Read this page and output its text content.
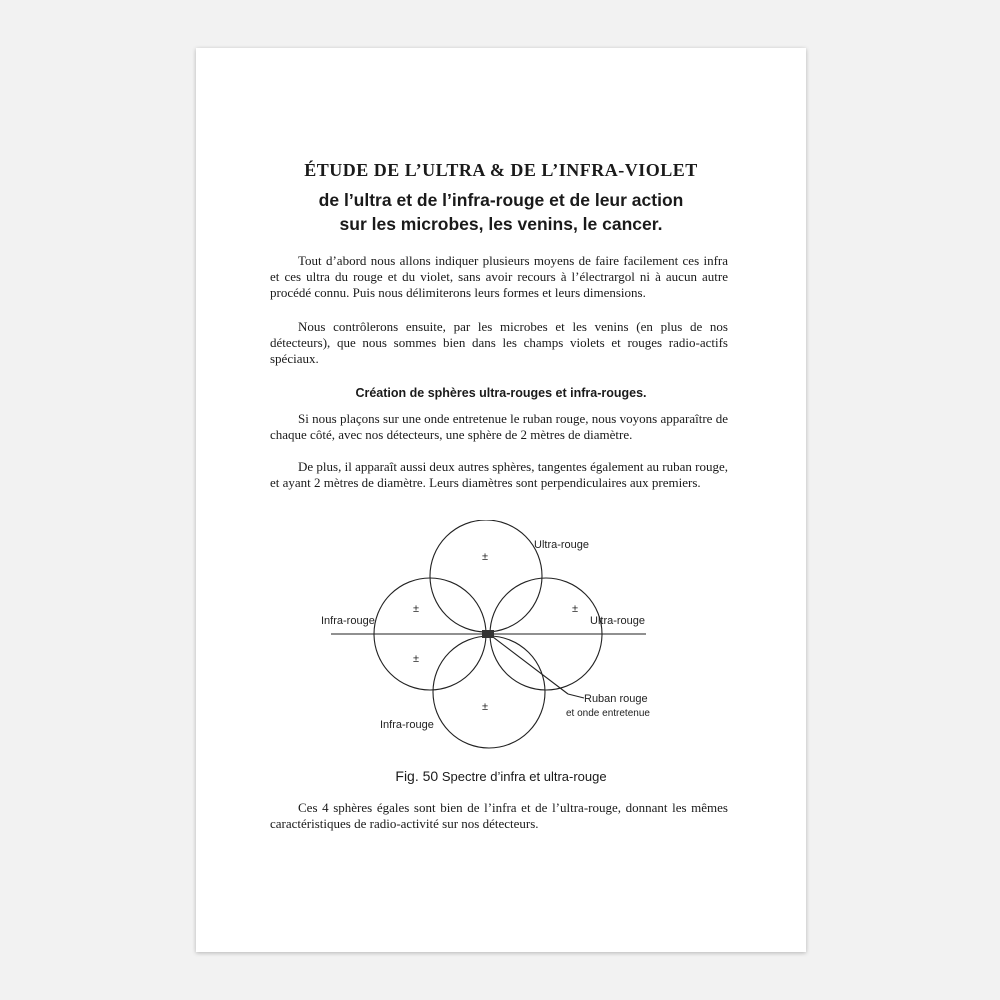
ÉTUDE DE L’ULTRA & DE L’INFRA-VIOLET
de l’ultra et de l’infra-rouge et de leur action
sur les microbes, les venins, le cancer.
Tout d’abord nous allons indiquer plusieurs moyens de faire facilement ces infra et ces ultra du rouge et du violet, sans avoir recours à l’électrargol ni à aucun autre procédé connu. Puis nous délimiterons leurs formes et leurs dimensions.
Nous contrôlerons ensuite, par les microbes et les venins (en plus de nos détecteurs), que nous sommes bien dans les champs violets et rouges radio-actifs spéciaux.
Création de sphères ultra-rouges et infra-rouges.
Si nous plaçons sur une onde entretenue le ruban rouge, nous voyons apparaître de chaque côté, avec nos détecteurs, une sphère de 2 mètres de diamètre.
De plus, il apparaît aussi deux autres sphères, tangentes également au ruban rouge, et ayant 2 mètres de diamètre. Leurs diamètres sont perpendiculaires aux premiers.
±
±
±
±
±
Ultra-rouge
Ultra-rouge
Infra-rouge
Infra-rouge
Ruban rouge
et onde entretenue
Fig. 50 Spectre d’infra et ultra-rouge
Ces 4 sphères égales sont bien de l’infra et de l’ultra-rouge, donnant les mêmes caractéristiques de radio-activité sur nos détecteurs.
